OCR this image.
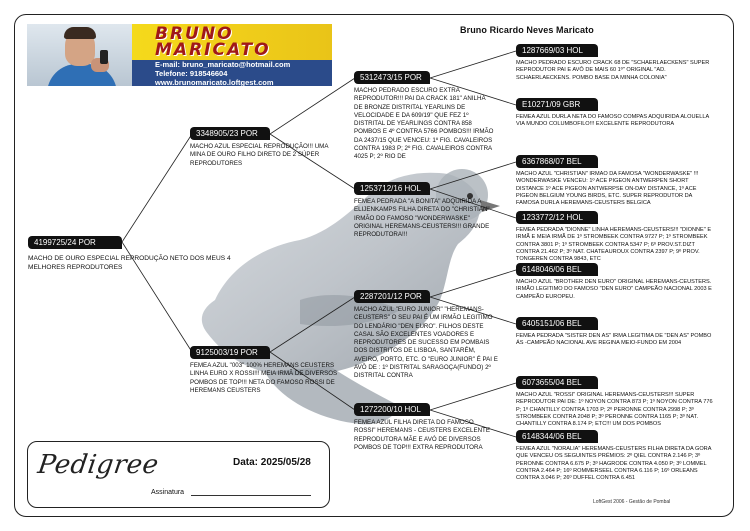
Bruno Ricardo Neves Maricato
BRUNO
MARICATO
E-mail: bruno_maricato@hotmail.com
Telefone: 918546604
www.brunomaricato.loftgest.com
4199725/24 POR
MACHO DE OURO ESPECIAL REPRODUÇÃO NETO DOS MEUS 4 MELHORES REPRODUTORES
3348905/23 POR
MACHO AZUL ESPECIAL REPRODUÇÃO!!! UMA MINA DE OURO FILHO DIRETO DE 2 SÚPER REPRODUTORES
9125003/19 POR
FEMEA AZUL "003" 100% HEREMANS CEUSTERS LINHA EURO X ROSSI!!! MEIA IRMÃ DE DIVERSOS POMBOS DE TOP!!! NETA DO FAMOSO ROSSI DE HEREMANS CEUSTERS
5312473/15 POR
MACHO PEDRADO ESCURO EXTRA REPRODUTOR!!! PAI DA CRACK 181" ANILHA DE BRONZE DISTRITAL YEARLINS DE VELOCIDADE E DA 609/19" QUE FEZ 1º DISTRITAL DE YEARLINGS CONTRA 858 POMBOS E 4º CONTRA 5766 POMBOS!!! IRMÃO DA 2437/15 QUE VENCEU: 1º FIG. CAVALEIROS CONTRA 1983 P; 2º FIG. CAVALEIROS CONTRA 4025 P; 2º RIO DE
1253712/16 HOL
FEMEA PEDRADA "A BONITA" ADQUIRIDA A ELIJENKAMPS FILHA DIRETA DO "CHRISTIAN" IRMÃO DO FAMOSO "WONDERWASKE" ORIGINAL HEREMANS-CEUSTERS!!! GRANDE REPRODUTORA!!!
2287201/12 POR
MACHO AZUL "EURO JUNIOR" "HEREMANS-CEUSTERS" O SEU PAI É UM IRMÃO LEGITIMO DO LENDÁRIO "DEN EURO". FILHOS DESTE CASAL SÃO EXCELENTES VOADORES E REPRODUTORES DE SUCESSO EM POMBAIS DOS DISTRITOS DE LISBOA, SANTARÉM, AVEIRO, PORTO, ETC. O "EURO JUNIOR" É PAI E AVÔ DE : 1º DISTRITAL SARAGOÇA(FUNDO) 2º DISTRITAL CONTRA
1272200/10 HOL
FEMEA AZUL FILHA DIRETA DO FAMOSO ROSSI" HEREMANS - CEUSTERS EXCELENTE REPRODUTORA MÃE E AVÓ DE DIVERSOS POMBOS DE TOP!!! EXTRA REPRODUTORA
1287669/03 HOL
MACHO PEDRADO ESCURO CRACK 68 DE "SCHAERLAECKENS" SUPER REPRODUTOR PAI E AVÔ DE MAIS 60 1º" ORIGINAL "AD. SCHAERLAECKENS. POMBO BASE DA MINHA COLONIA"
E10271/09 GBR
FEMEA AZUL DURLA NETA DO FAMOSO COMPAS ADQUIRIDA ALOUELLA VIA MUNDO COLUMBOFILO!!! EXCELENTE REPRODUTORA
6367868/07 BEL
MACHO AZUL "CHRISTIAN" IRMÃO DA FAMOSA "WONDERWASKE" !!! WONDERWASKE VENCEU: 1º ACE PIGEON ANTWERPEN SHORT DISTANCE 1º ACE PIGEON ANTWERPSE ON-DAY DISTANCE, 1º ACE PIGEON BELGIUM YOUNG BIRDS, ETC. SUPER REPRODUTOR DA FAMOSA DURLA HEREMANS-CEUSTERS BELGICA
1233772/12 HOL
FEMEA PEDRADA "DIONNE" LINHA HEREMANS-CEUSTERS!!! "DIONNE" É IRMÃ E MEIA IRMÃ DE 1º STROMBEEK CONTRA 9727 P; 1º STROMBEEK CONTRA 3801 P; 1º STROMBEEK CONTRA 5347 P; 6º PROV.ST.DIZT CONTRA 21.462 P; 3º NAT. CHATEAUROUX CONTRA 2397 P; 9º PROV. TONGEREN CONTRA 9843, ETC
6148046/06 BEL
MACHO AZUL "BROTHER DEN EURO" ORIGINAL HEREMANS-CEUSTERS. IRMÃO LEGITIMO DO FAMOSO "DEN EURO" CAMPEÃO NACIONAL 2003 E CAMPEÃO EUROPEU.
6405151/06 BEL
FEMEA PEDRADA "SISTER DEN AS" IRMA LEGITIMA DE "DEN AS" POMBO ÁS -CAMPEÃO NACIONAL AVE REGINA MEIO-FUNDO EM 2004
6073655/04 BEL
MACHO AZUL "ROSSI" ORIGINAL HEREMANS-CEUSTERS!!! SUPER REPRODUTOR PAI DE: 1º NOYON CONTRA 873 P; 1º NOYON CONTRA 776 P; 1º CHANTILLY CONTRA 1703 P; 2º PERONNE CONTRA 2998 P; 3º STROMBEEK CONTRA 2048 P; 3º PERONNE CONTRA 1165 P; 3º NAT. CHANTILLY CONTRA 8.174 P; ETC!!! UM DOS POMBOS
6148344/06 BEL
FEMEA AZUL "NORALIA" HEREMANS-CEUSTERS FILHA DIRETA DA GORA QUE VENCEU OS SEGUINTES PRÉMIOS: 2º QIEL CONTRA 2.146 P; 3º PERONNE CONTRA 6.675 P; 3º HAGRODE CONTRA 4.050 P; 3º LOMMEL CONTRA 2.464 P; 16º ROMMERSEEL CONTRA 6.116 P; 16º ORLEANS CONTRA 3.046 P; 26º DUFFEL CONTRA 6.451
Pedigree	Data: 2025/05/28
Assinatura
LoftGest 2006 - Gestão de Pombal
